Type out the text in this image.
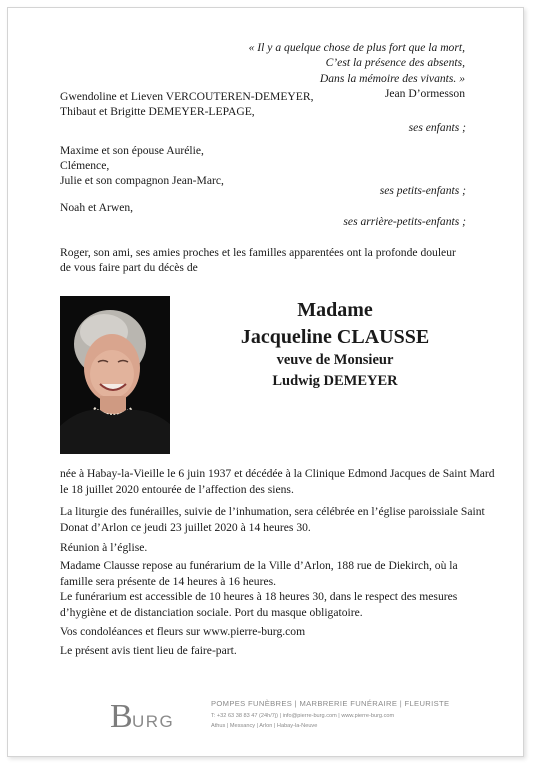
« Il y a quelque chose de plus fort que la mort,
C’est la présence des absents,
Dans la mémoire des vivants. »
Jean D’ormesson
Gwendoline et Lieven VERCOUTEREN-DEMEYER,
Thibaut et Brigitte DEMEYER-LEPAGE,
ses enfants ;
Maxime et son épouse Aurélie,
Clémence,
Julie et son compagnon Jean-Marc,
ses petits-enfants ;
Noah et Arwen,
ses arrière-petits-enfants ;
Roger, son ami, ses amies proches et les familles apparentées ont la profonde douleur
de vous faire part du décès de
Madame
Jacqueline CLAUSSE
veuve de Monsieur
Ludwig DEMEYER
née à Habay-la-Vieille le 6 juin 1937 et décédée à la Clinique Edmond Jacques de Saint Mard
le 18 juillet 2020 entourée de l’affection des siens.
La liturgie des funérailles, suivie de l’inhumation, sera célébrée en l’église paroissiale Saint
Donat d’Arlon ce jeudi 23 juillet 2020 à 14 heures 30.
Réunion à l’église.
Madame Clausse repose au funérarium de la Ville d’Arlon, 188 rue de Diekirch, où la
famille sera présente de 14 heures à 16 heures.
Le funérarium est accessible de 10 heures à 18 heures 30, dans le respect des mesures
d’hygiène et de distanciation sociale. Port du masque obligatoire.
Vos condoléances et fleurs sur www.pierre-burg.com
Le présent avis tient lieu de faire-part.
B URG
POMPES FUNÈBRES | MARBRERIE FUNÉRAIRE | FLEURISTE
T: +32 63 38 83 47 (24h/7j) | info@pierre-burg.com | www.pierre-burg.com
Athus | Messancy | Arlon | Habay-la-Neuve
